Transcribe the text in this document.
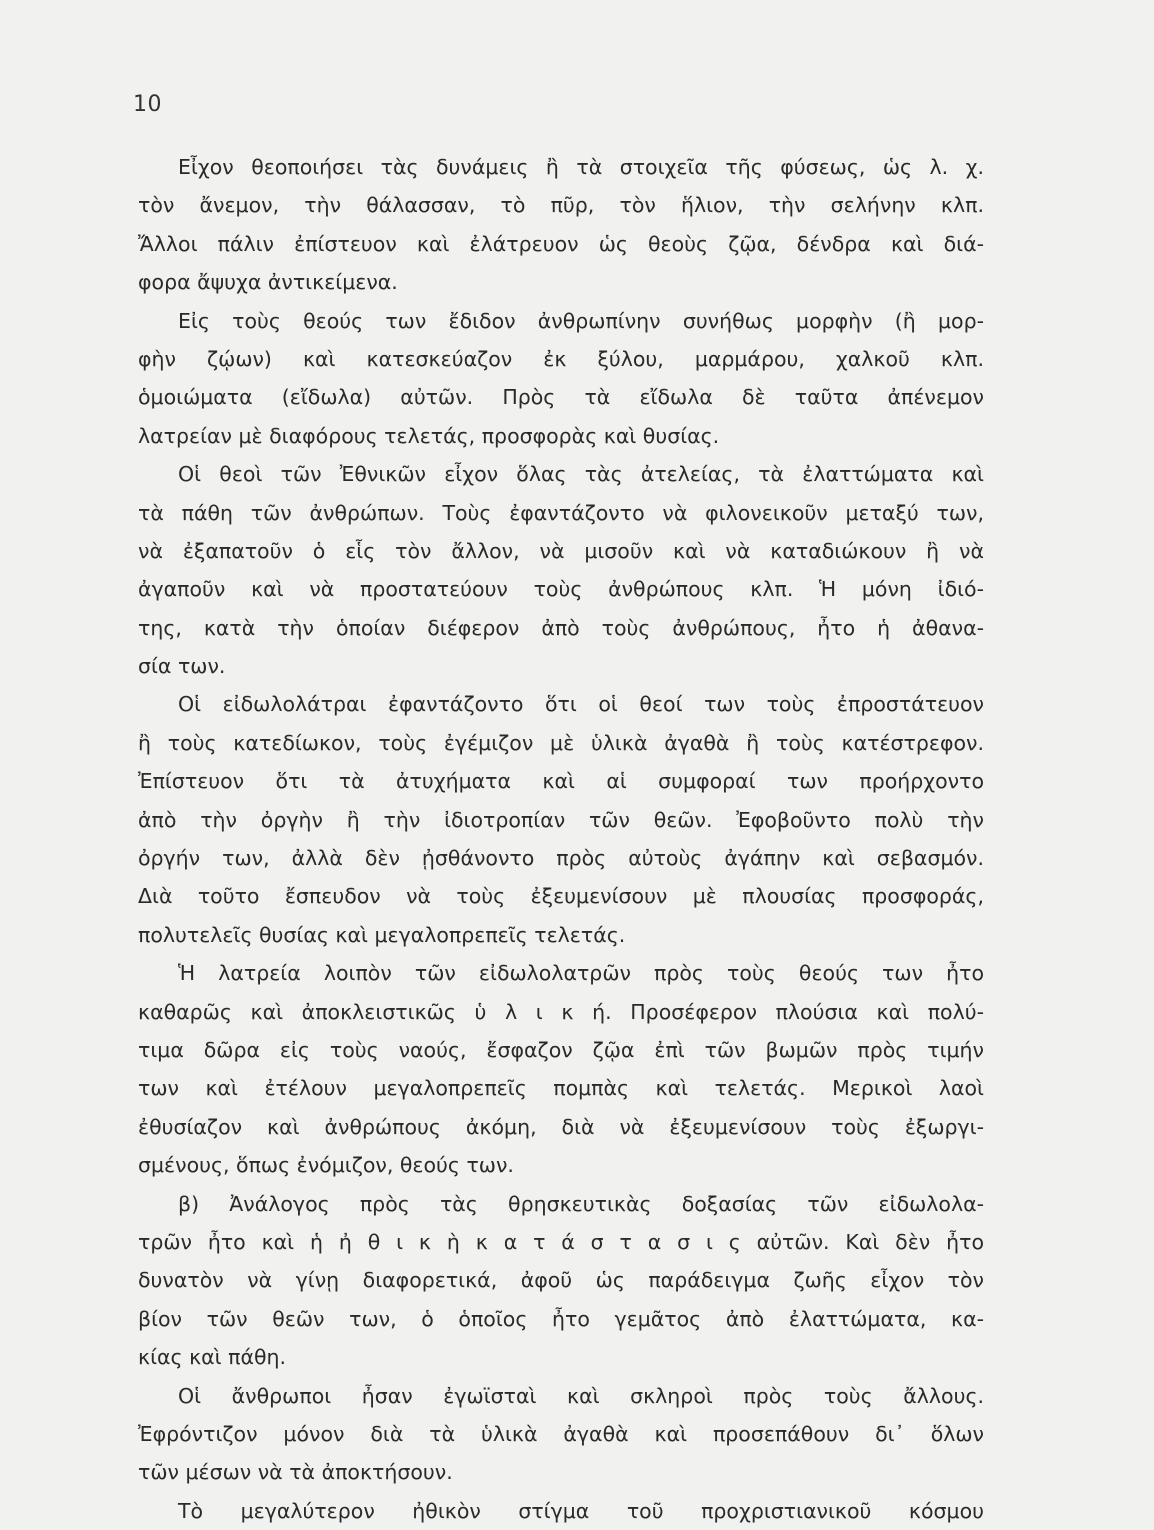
10
Εἶχον θεοποιήσει τὰς δυνάμεις ἢ τὰ στοιχεῖα τῆς φύσεως, ὡς λ. χ.
τὸν ἄνεμον, τὴν θάλασσαν, τὸ πῦρ, τὸν ἥλιον, τὴν σελήνην κλπ.
Ἄλλοι πάλιν ἐπίστευον καὶ ἐλάτρευον ὡς θεοὺς ζῷα, δένδρα καὶ διά-
φορα ἄψυχα ἀντικείμενα.
Εἰς τοὺς θεούς των ἔδιδον ἀνθρωπίνην συνήθως μορφὴν (ἢ μορ-
φὴν ζῴων) καὶ κατεσκεύαζον ἐκ ξύλου, μαρμάρου, χαλκοῦ κλπ.
ὁμοιώματα (εἴδωλα) αὐτῶν. Πρὸς τὰ εἴδωλα δὲ ταῦτα ἀπένεμον
λατρείαν μὲ διαφόρους τελετάς, προσφορὰς καὶ θυσίας.
Οἱ θεοὶ τῶν Ἐθνικῶν εἶχον ὅλας τὰς ἀτελείας, τὰ ἐλαττώματα καὶ
τὰ πάθη τῶν ἀνθρώπων. Τοὺς ἐφαντάζοντο νὰ φιλονεικοῦν μεταξύ των,
νὰ ἐξαπατοῦν ὁ εἷς τὸν ἄλλον, νὰ μισοῦν καὶ νὰ καταδιώκουν ἢ νὰ
ἀγαποῦν καὶ νὰ προστατεύουν τοὺς ἀνθρώπους κλπ. Ἡ μόνη ἰδιό-
της, κατὰ τὴν ὁποίαν διέφερον ἀπὸ τοὺς ἀνθρώπους, ἦτο ἡ ἀθανα-
σία των.
Οἱ εἰδωλολάτραι ἐφαντάζοντο ὅτι οἱ θεοί των τοὺς ἐπροστάτευον
ἢ τοὺς κατεδίωκον, τοὺς ἐγέμιζον μὲ ὑλικὰ ἀγαθὰ ἢ τοὺς κατέστρεφον.
Ἐπίστευον ὅτι τὰ ἀτυχήματα καὶ αἱ συμφοραί των προήρχοντο
ἀπὸ τὴν ὀργὴν ἢ τὴν ἰδιοτροπίαν τῶν θεῶν. Ἐφοβοῦντο πολὺ τὴν
ὀργήν των, ἀλλὰ δὲν ᾐσθάνοντο πρὸς αὐτοὺς ἀγάπην καὶ σεβασμόν.
Διὰ τοῦτο ἔσπευδον νὰ τοὺς ἐξευμενίσουν μὲ πλουσίας προσφοράς,
πολυτελεῖς θυσίας καὶ μεγαλοπρεπεῖς τελετάς.
Ἡ λατρεία λοιπὸν τῶν εἰδωλολατρῶν πρὸς τοὺς θεούς των ἦτο
καθαρῶς καὶ ἀποκλειστικῶς ὑ λ ι κ ή. Προσέφερον πλούσια καὶ πολύ-
τιμα δῶρα εἰς τοὺς ναούς, ἔσφαζον ζῷα ἐπὶ τῶν βωμῶν πρὸς τιμήν
των καὶ ἐτέλουν μεγαλοπρεπεῖς πομπὰς καὶ τελετάς. Μερικοὶ λαοὶ
ἐθυσίαζον καὶ ἀνθρώπους ἀκόμη, διὰ νὰ ἐξευμενίσουν τοὺς ἐξωργι-
σμένους, ὅπως ἐνόμιζον, θεούς των.
β) Ἀνάλογος πρὸς τὰς θρησκευτικὰς δοξασίας τῶν εἰδωλολα-
τρῶν ἦτο καὶ ἡ ἠ θ ι κ ὴ κ α τ ά σ τ α σ ι ς αὐτῶν. Καὶ δὲν ἦτο
δυνατὸν νὰ γίνῃ διαφορετικά, ἀφοῦ ὡς παράδειγμα ζωῆς εἶχον τὸν
βίον τῶν θεῶν των, ὁ ὁποῖος ἦτο γεμᾶτος ἀπὸ ἐλαττώματα, κα-
κίας καὶ πάθη.
Οἱ ἄνθρωποι ἦσαν ἐγωϊσταὶ καὶ σκληροὶ πρὸς τοὺς ἄλλους.
Ἐφρόντιζον μόνον διὰ τὰ ὑλικὰ ἀγαθὰ καὶ προσεπάθουν δι᾿ ὅλων
τῶν μέσων νὰ τὰ ἀποκτήσουν.
Τὸ μεγαλύτερον ἠθικὸν στίγμα τοῦ προχριστιανικοῦ κόσμου
